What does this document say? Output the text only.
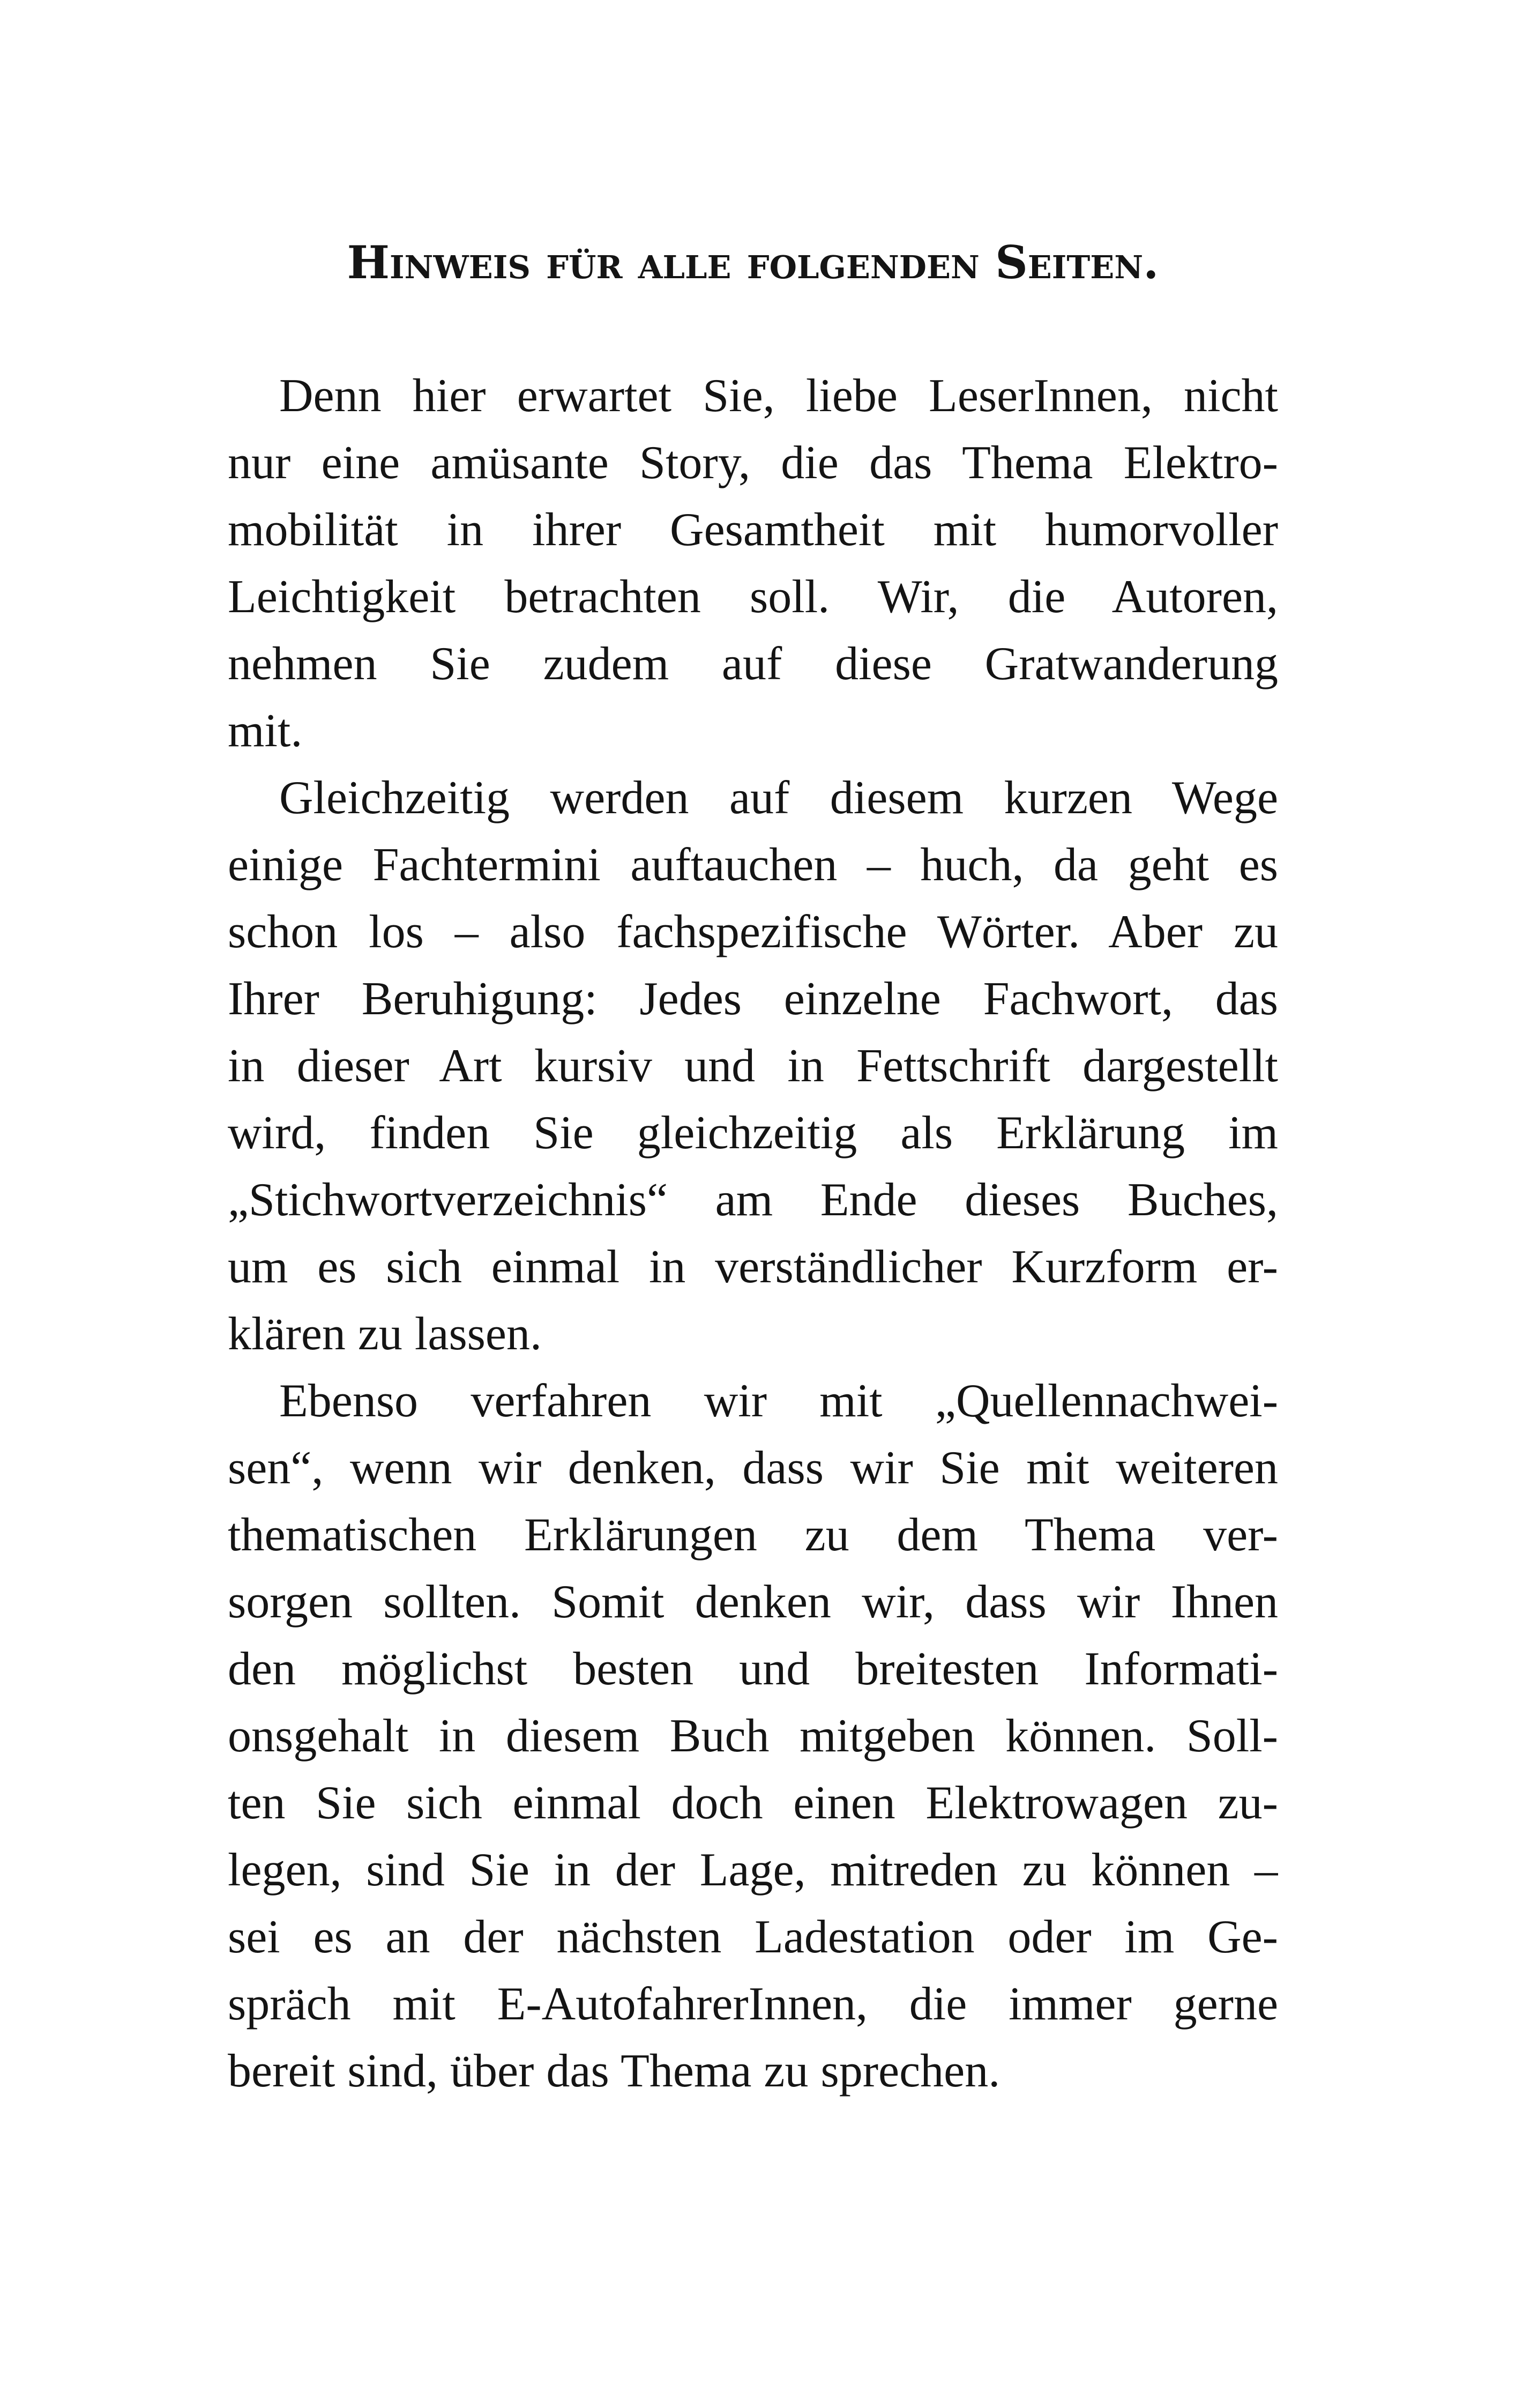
Hinweis für alle folgenden Seiten.
Denn hier erwartet Sie, liebe LeserInnen, nicht
nur eine amüsante Story, die das Thema Elektro-
mobilität in ihrer Gesamtheit mit humorvoller
Leichtigkeit betrachten soll. Wir, die Autoren,
nehmen Sie zudem auf diese Gratwanderung
mit.
Gleichzeitig werden auf diesem kurzen Wege
einige Fachtermini auftauchen – huch, da geht es
schon los – also fachspezifische Wörter. Aber zu
Ihrer Beruhigung: Jedes einzelne Fachwort, das
in dieser Art kursiv und in Fettschrift dargestellt
wird, finden Sie gleichzeitig als Erklärung im
„Stichwortverzeichnis“ am Ende dieses Buches,
um es sich einmal in verständlicher Kurzform er-
klären zu lassen.
Ebenso verfahren wir mit „Quellennachwei-
sen“, wenn wir denken, dass wir Sie mit weiteren
thematischen Erklärungen zu dem Thema ver-
sorgen sollten. Somit denken wir, dass wir Ihnen
den möglichst besten und breitesten Informati-
onsgehalt in diesem Buch mitgeben können. Soll-
ten Sie sich einmal doch einen Elektrowagen zu-
legen, sind Sie in der Lage, mitreden zu können –
sei es an der nächsten Ladestation oder im Ge-
spräch mit E-AutofahrerInnen, die immer gerne
bereit sind, über das Thema zu sprechen.
